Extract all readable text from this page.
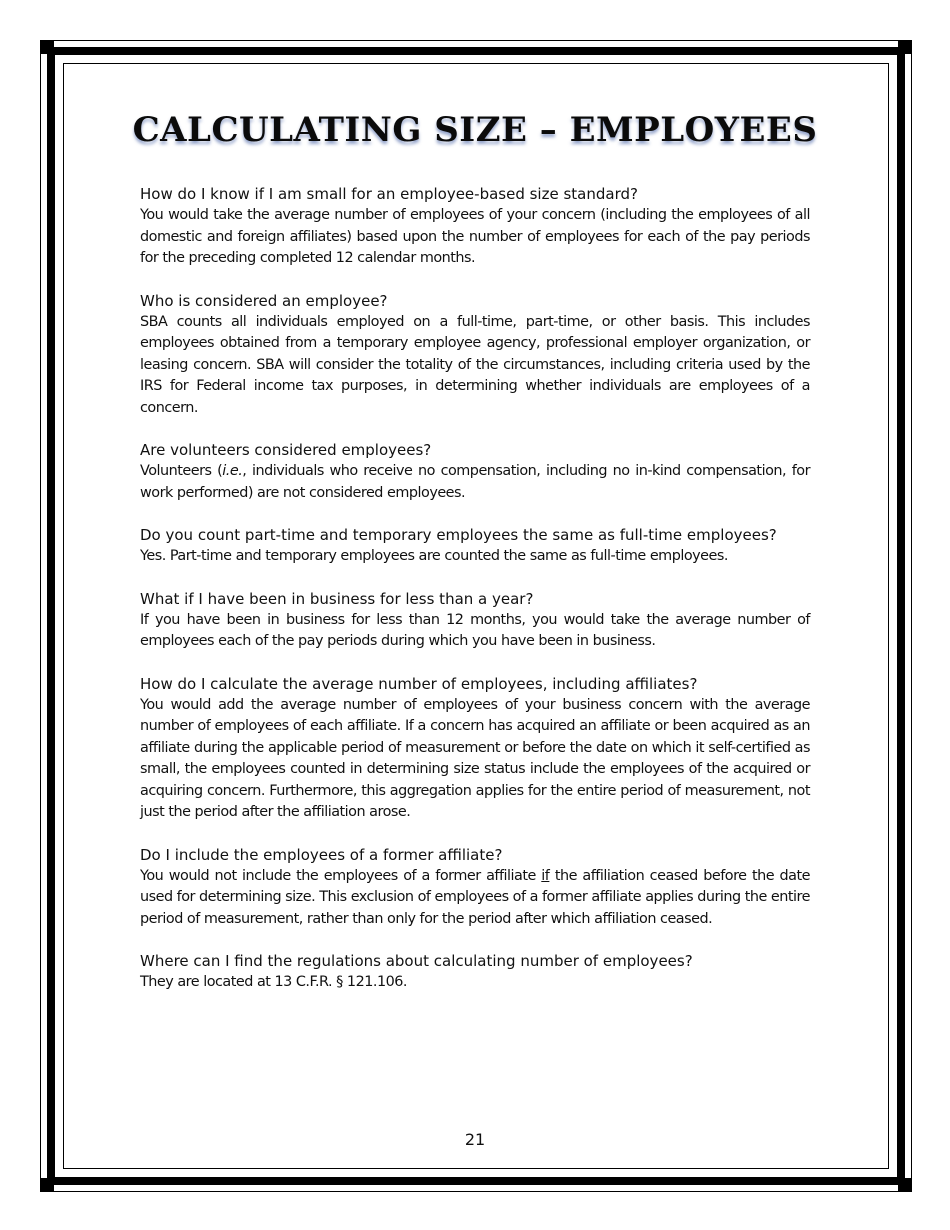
CALCULATING SIZE – EMPLOYEES

How do I know if I am small for an employee-based size standard?

You would take the average number of employees of your concern (including the employees of all domestic and foreign affiliates) based upon the number of employees for each of the pay periods for the preceding completed 12 calendar months.

Who is considered an employee?

SBA counts all individuals employed on a full-time, part-time, or other basis. This includes employees obtained from a temporary employee agency, professional employer organization, or leasing concern. SBA will consider the totality of the circumstances, including criteria used by the IRS for Federal income tax purposes, in determining whether individuals are employees of a concern.

Are volunteers considered employees?

Volunteers (i.e., individuals who receive no compensation, including no in-kind compensation, for work performed) are not considered employees.

Do you count part-time and temporary employees the same as full-time employees?

Yes. Part-time and temporary employees are counted the same as full-time employees.

What if I have been in business for less than a year?

If you have been in business for less than 12 months, you would take the average number of employees each of the pay periods during which you have been in business.

How do I calculate the average number of employees, including affiliates?

You would add the average number of employees of your business concern with the average number of employees of each affiliate. If a concern has acquired an affiliate or been acquired as an affiliate during the applicable period of measurement or before the date on which it self-certified as small, the employees counted in determining size status include the employees of the acquired or acquiring concern. Furthermore, this aggregation applies for the entire period of measurement, not just the period after the affiliation arose.

Do I include the employees of a former affiliate?

You would not include the employees of a former affiliate if the affiliation ceased before the date used for determining size. This exclusion of employees of a former affiliate applies during the entire period of measurement, rather than only for the period after which affiliation ceased.

Where can I find the regulations about calculating number of employees?

They are located at 13 C.F.R. § 121.106.

21
